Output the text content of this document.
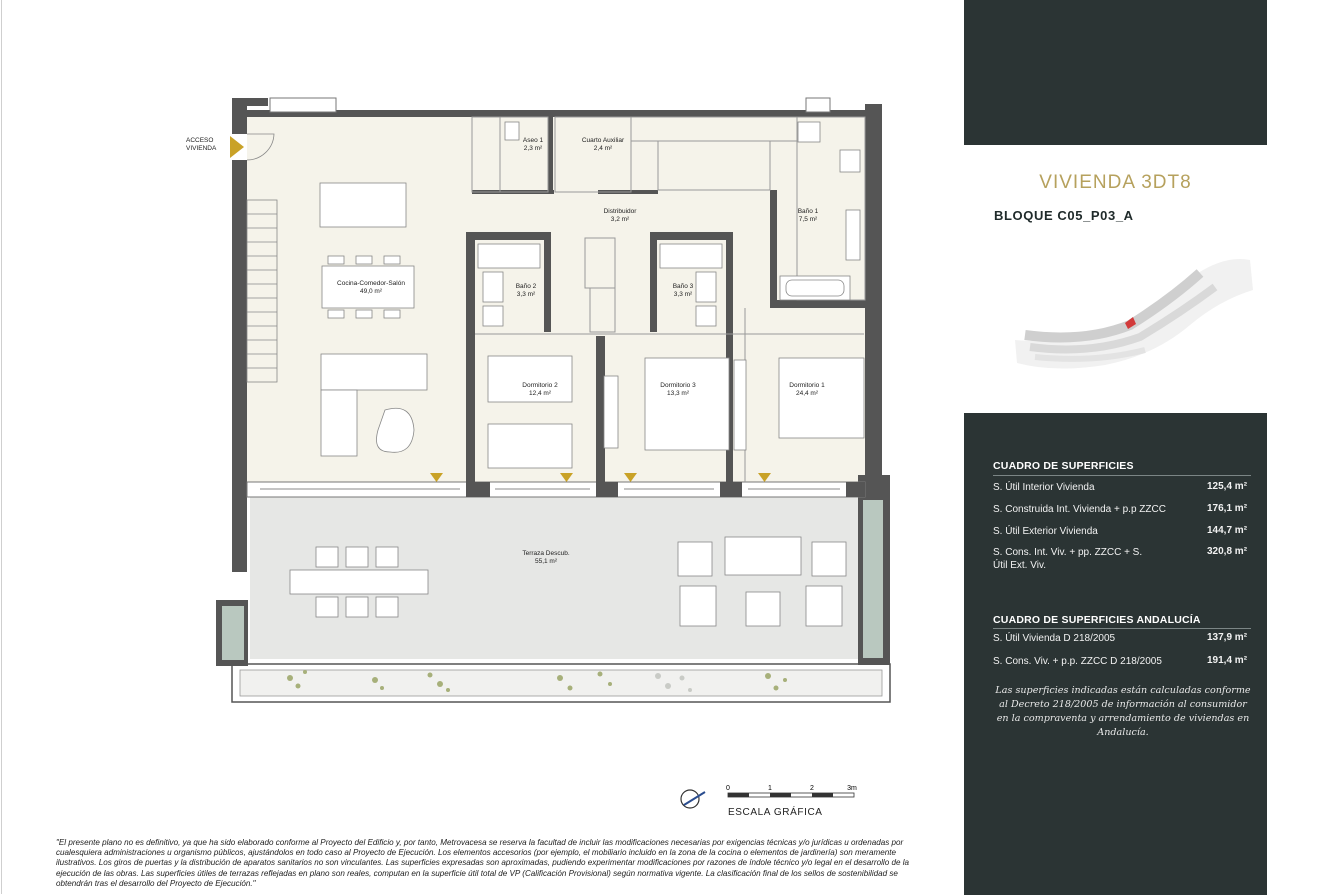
ACCESO
VIVIENDA
Aseo 1
2,3 m²
Cuarto Auxiliar
2,4 m²
Distribuidor
3,2 m²
Baño 1
7,5 m²
Cocina-Comedor-Salón
49,0 m²
Baño 2
3,3 m²
Baño 3
3,3 m²
Dormitorio 2
12,4 m²
Dormitorio 3
13,3 m²
Dormitorio 1
24,4 m²
Terraza Descub.
55,1 m²
0	1	2	3m
ESCALA GRÁFICA
VIVIENDA 3DT8
BLOQUE C05_P03_A
CUADRO DE SUPERFICIES
S. Útil Interior Vivienda	125,4 m²
S. Construida Int. Vivienda + p.p ZZCC	176,1 m²
S. Útil Exterior Vivienda	144,7 m²
S. Cons. Int. Viv. + pp. ZZCC + S. Útil Ext. Viv.
320,8 m²
CUADRO DE SUPERFICIES ANDALUCÍA
S. Útil Vivienda D 218/2005	137,9 m²
S. Cons. Viv. + p.p. ZZCC D 218/2005	191,4 m²
Las superficies indicadas están calculadas conforme al Decreto 218/2005 de información al consumidor en la compraventa y arrendamiento de viviendas en Andalucía.
"El presente plano no es definitivo, ya que ha sido elaborado conforme al Proyecto del Edificio y, por tanto, Metrovacesa se reserva la facultad de incluir las modificaciones necesarias por exigencias técnicas y/o jurídicas u ordenadas por cualesquiera administraciones u organismo públicos, ajustándolos en todo caso al Proyecto de Ejecución. Los elementos accesorios (por ejemplo, el mobiliario incluido en la zona de la cocina o elementos de jardinería) son meramente ilustrativos. Los giros de puertas y la distribución de aparatos sanitarios no son vinculantes. Las superficies expresadas son aproximadas, pudiendo experimentar modificaciones por razones de índole técnico y/o legal en el desarrollo de la ejecución de las obras. Las superficies útiles de terrazas reflejadas en plano son reales, computan en la superficie útil total de VP (Calificación Provisional) según normativa vigente. La clasificación final de los sellos de sostenibilidad se obtendrán tras el desarrollo del Proyecto de Ejecución."
